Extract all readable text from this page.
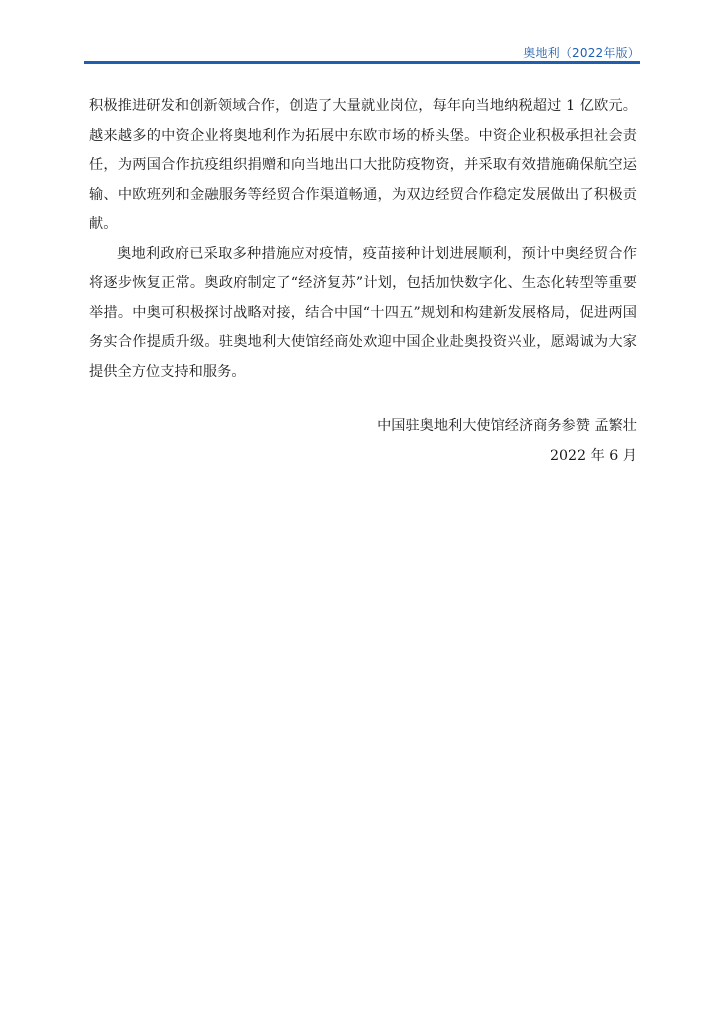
奥地利（2022年版）

积极推进研发和创新领域合作，创造了大量就业岗位，每年向当地纳税超过 1 亿欧元。越来越多的中资企业将奥地利作为拓展中东欧市场的桥头堡。中资企业积极承担社会责任，为两国合作抗疫组织捐赠和向当地出口大批防疫物资，并采取有效措施确保航空运输、中欧班列和金融服务等经贸合作渠道畅通，为双边经贸合作稳定发展做出了积极贡献。

奥地利政府已采取多种措施应对疫情，疫苗接种计划进展顺利，预计中奥经贸合作将逐步恢复正常。奥政府制定了“经济复苏”计划，包括加快数字化、生态化转型等重要举措。中奥可积极探讨战略对接，结合中国“十四五”规划和构建新发展格局，促进两国务实合作提质升级。驻奥地利大使馆经商处欢迎中国企业赴奥投资兴业，愿竭诚为大家提供全方位支持和服务。

中国驻奥地利大使馆经济商务参赞 孟繁壮
2022 年 6 月
